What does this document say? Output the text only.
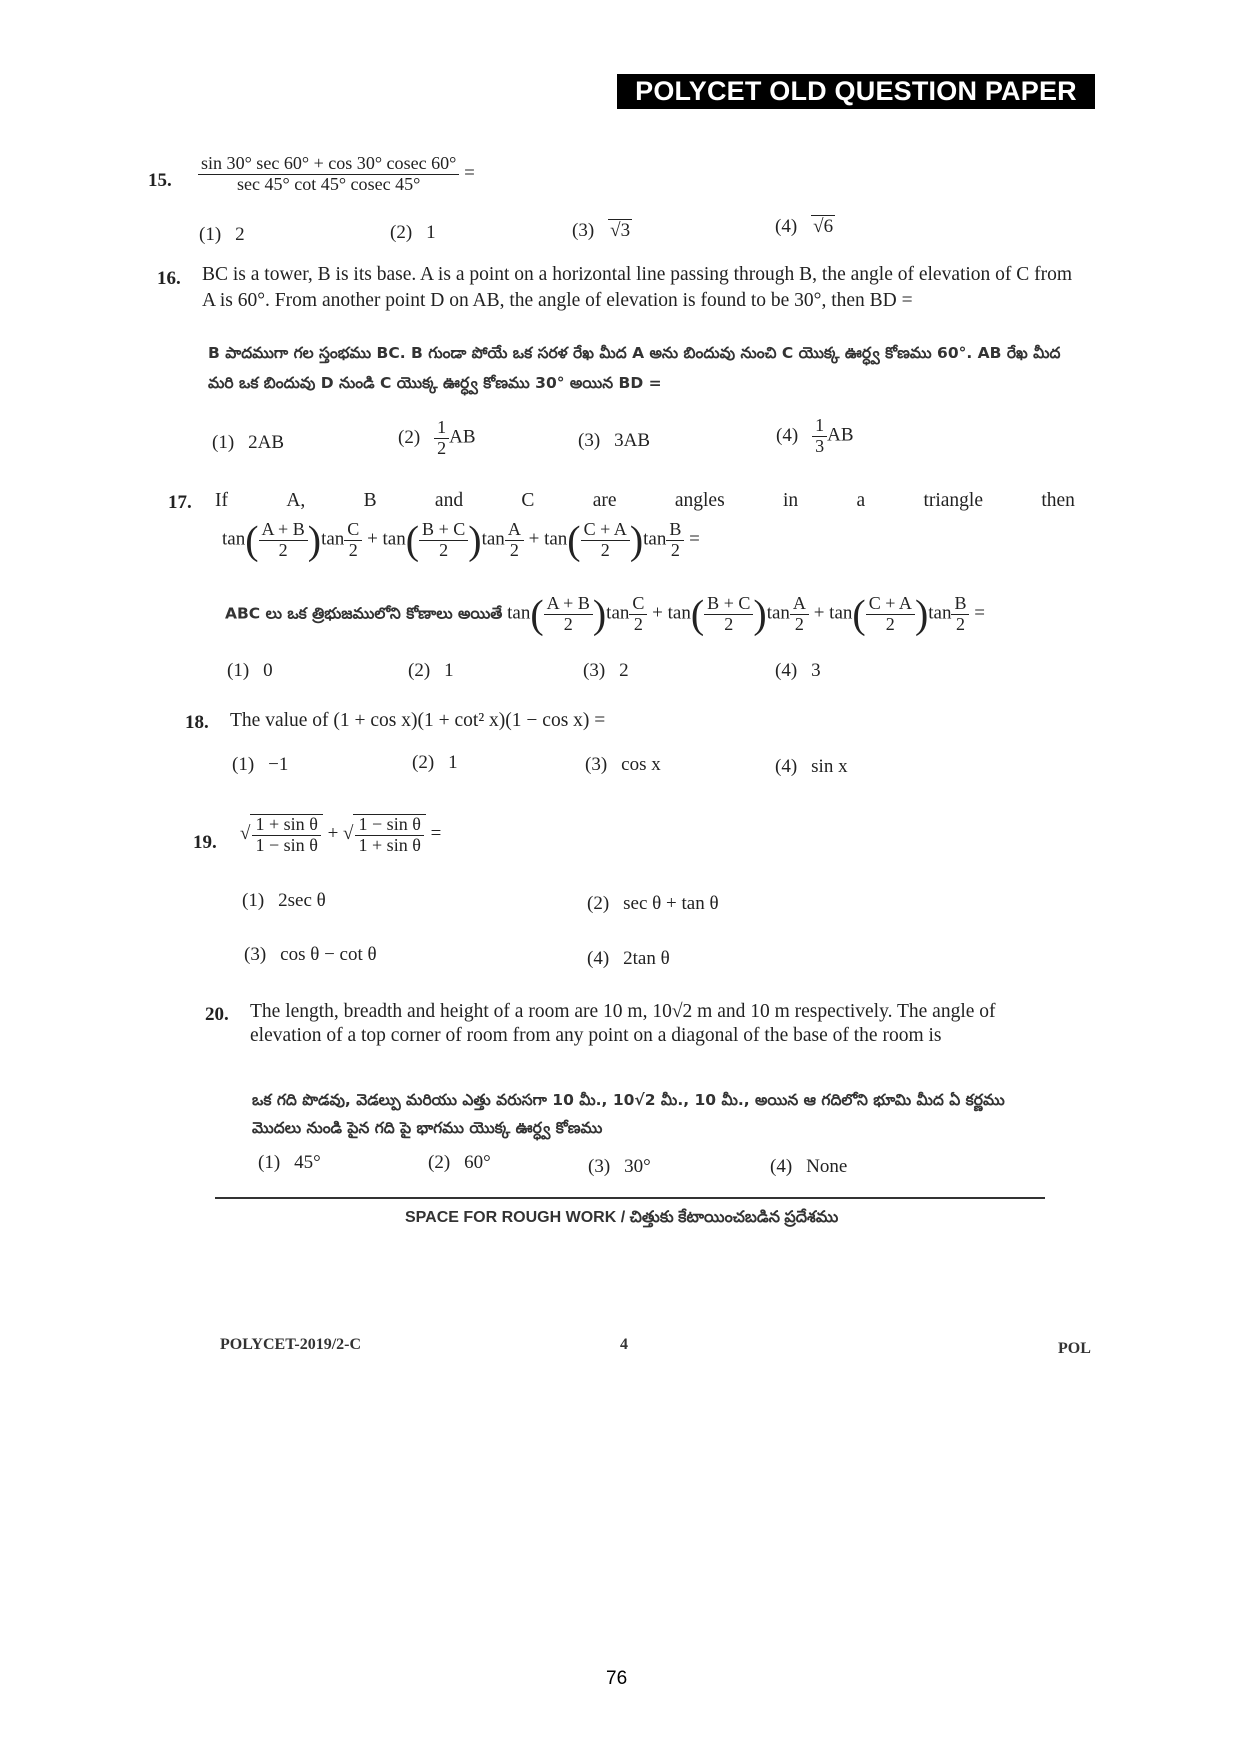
POLYCET OLD QUESTION PAPER
15. $\frac{\sin 30^\circ \sec 60^\circ + \cos 30^\circ cosec 60^\circ}{\sec 45^\circ \cot 45^\circ cosec 45^\circ}$ =
(1) 2	(2) 1	(3) √3	(4) √6
16. BC is a tower, B is its base. A is a point on a horizontal line passing through B, the angle of elevation of C from A is 60°. From another point D on AB, the angle of elevation is found to be 30°, then BD =
B పాదముగా గల స్తంభము BC. B గుండా పోయే ఒక సరళ రేఖ మీద A అను బిందువు నుంచి C యొక్క ఊర్ధ్వ కోణము 60°. AB రేఖ మీద మరి ఒక బిందువు D నుండి C యొక్క ఊర్ధ్వ కోణము 30° అయిన BD =
(1) 2AB	$(2) \frac{1}{2}$ AB	(3) 3AB	$(4) \frac{1}{3}$ AB
17. If	A,	B	and	C	are	angles	in	a	triangle	then
$\tan( \frac{A + B}{2} )\tan \frac{C}{2} + \tan( \frac{B + C}{2} )\tan \frac{A}{2} + \tan( \frac{C + A}{2} )\tan \frac{B}{2}$ =
ABC లు ఒక త్రిభుజములోని కోణాలు అయితే $\tan( \frac{A + B}{2} )\tan \frac{C}{2} + \tan( \frac{B + C}{2} )\tan \frac{A}{2} + \tan( \frac{C + A}{2} )\tan \frac{B}{2}$ =
(1) 0	(2) 1	(3) 2	(4) 3
18. The value of (1 + cos x)(1 + cot² x)(1 − cos x) =
(1) −1	(2) 1	(3) cos x	(4) sin x
19. √ $\frac{\text{1 + sin θ}}{\text{1 − sin θ}}$ + √ $\frac{\text{1 − sin θ}}{\text{1 + sin θ}}$ =
(1) 2sec θ	(2) sec θ + tan θ
(3) cos θ − cot θ	(4) 2tan θ
20. The length, breadth and height of a room are 10 m, 10√2 m and 10 m respectively. The angle of elevation of a top corner of room from any point on a diagonal of the base of the room is
ఒక గది పొడవు, వెడల్పు మరియు ఎత్తు వరుసగా 10 మీ., 10√2 మీ., 10 మీ., అయిన ఆ గదిలోని భూమి మీద ఏ కర్ణము మొదలు నుండి పైన గది పై భాగము యొక్క ఊర్ధ్వ కోణము
(1) 45°	(2) 60°	(3) 30°	(4) None
SPACE FOR ROUGH WORK / చిత్తుకు కేటాయించబడిన ప్రదేశము
POLYCET-2019/2-C	4	POL
76
